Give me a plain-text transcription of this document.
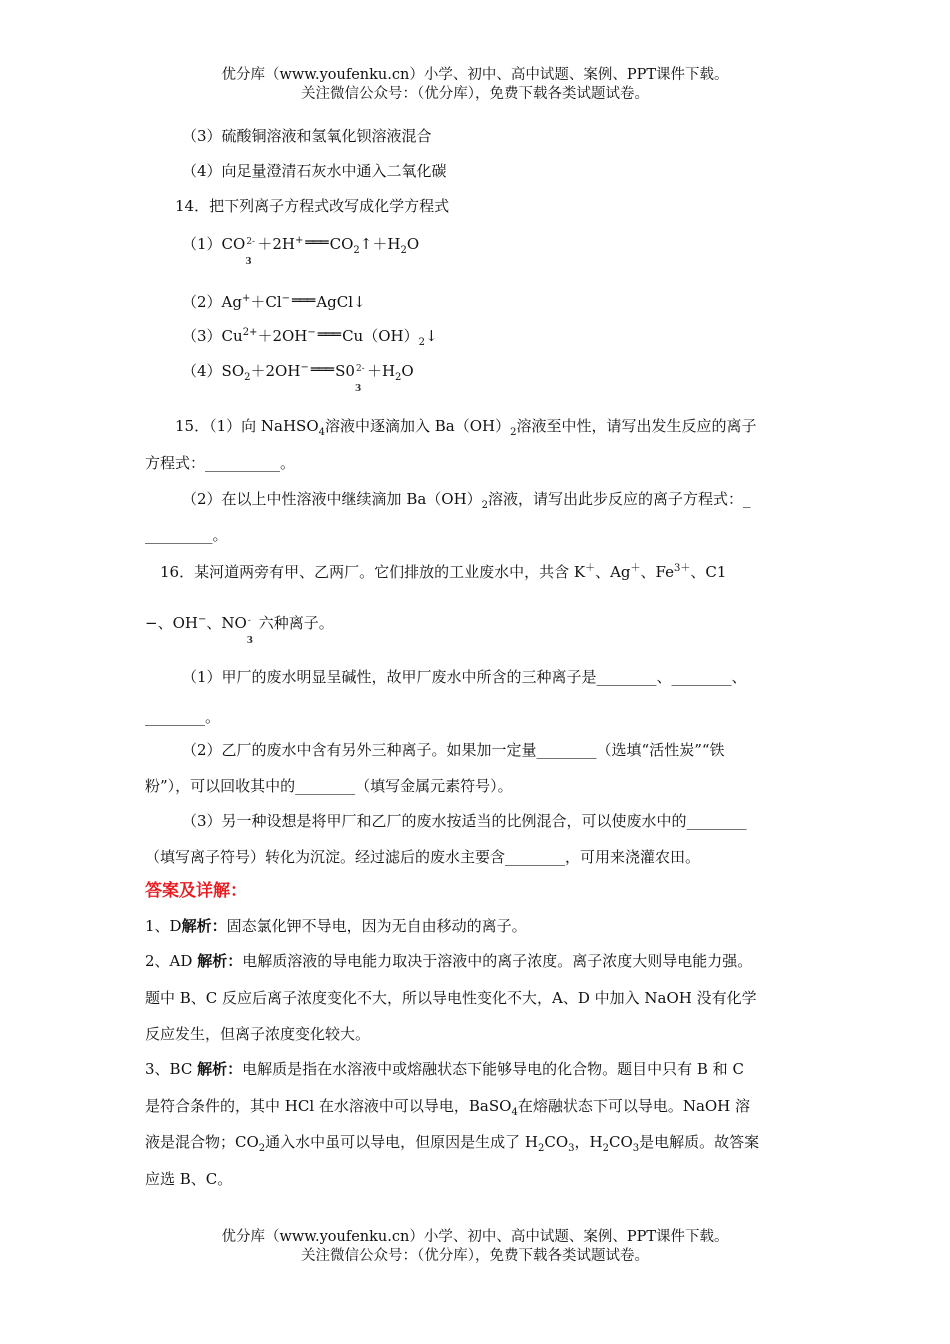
优分库（www.youfenku.cn）小学、初中、高中试题、案例、PPT课件下载。
关注微信公众号：（优分库），免费下载各类试题试卷。
（3）硫酸铜溶液和氢氧化钡溶液混合
（4）向足量澄清石灰水中通入二氧化碳
14．把下列离子方程式改写成化学方程式
（1）CO 2-
3
＋2H+ ═══ $CO_2↑+H_2O$
（2）Ag+＋Cl− ═══ AgCl↓
$(3)Cu^{2+}+2OH^-$ ═══ $Cu(OH)_2↓$
$(4)SO_2+2OH^-$ ═══ S0 2-
3
$+H_2O$
15．（1）向 NaHSO$_4$溶液中逐滴加入 $Ba(OH)_2$溶液至中性，请写出发生反应的离子
方程式：__________。
（2）在以上中性溶液中继续滴加 $Ba(OH)_2$溶液，请写出此步反应的离子方程式：_
_________。
16．某河道两旁有甲、乙两厂。它们排放的工业废水中，共含 K＋、Ag＋、$Fe^{3+}$、C1
−、OH−、NO -
3
六种离子。
（1）甲厂的废水明显呈碱性，故甲厂废水中所含的三种离子是________、________、
________。
（2）乙厂的废水中含有另外三种离子。如果加一定量________（选填“活性炭”“铁
粉”），可以回收其中的________（填写金属元素符号）。
（3）另一种设想是将甲厂和乙厂的废水按适当的比例混合，可以使废水中的________
（填写离子符号）转化为沉淀。经过滤后的废水主要含________，可用来浇灌农田。
答案及详解：
1、D解析：固态氯化钾不导电，因为无自由移动的离子。
2、AD 解析：电解质溶液的导电能力取决于溶液中的离子浓度。离子浓度大则导电能力强。
题中 B、C 反应后离子浓度变化不大，所以导电性变化不大，A、D 中加入 NaOH 没有化学
反应发生，但离子浓度变化较大。
3、BC 解析：电解质是指在水溶液中或熔融状态下能够导电的化合物。题目中只有 B 和 C
是符合条件的，其中 HCl 在水溶液中可以导电，BaSO$_4$在熔融状态下可以导电。NaOH 溶
液是混合物；$CO_2$通入水中虽可以导电，但原因是生成了 $H_2CO_3$，$H_2CO_3$是电解质。故答案
应选 B、C。
优分库（www.youfenku.cn）小学、初中、高中试题、案例、PPT课件下载。
关注微信公众号：（优分库），免费下载各类试题试卷。
